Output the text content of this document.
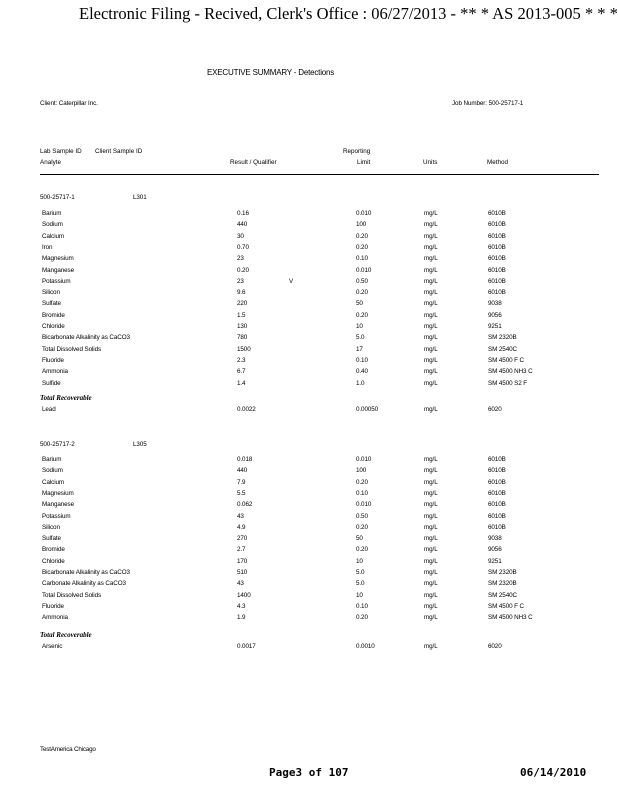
Electronic Filing - Recived, Clerk's Office : 06/27/2013 - ** * AS 2013-005 * * *
EXECUTIVE SUMMARY - Detections
Client: Caterpillar Inc.	Job Number: 500-25717-1
Lab Sample ID Client Sample ID	Reporting
Analyte	Result / Qualifier	Limit	Units	Method
500-25717-1	L301
Barium	0.16	0.010	mg/L	6010B
Sodium	440	100	mg/L	6010B
Calcium	30	0.20	mg/L	6010B
Iron	0.70	0.20	mg/L	6010B
Magnesium	23	0.10	mg/L	6010B
Manganese	0.20	0.010	mg/L	6010B
Potassium	23	V	0.50	mg/L	6010B
Silicon	9.6	0.20	mg/L	6010B
Sulfate	220	50	mg/L	9038
Bromide	1.5	0.20	mg/L	9056
Chloride	130	10	mg/L	9251
Bicarbonate Alkalinity as CaCO3	780	5.0	mg/L	SM 2320B
Total Dissolved Solids	1500	17	mg/L	SM 2540C
Fluoride	2.3	0.10	mg/L	SM 4500 F C
Ammonia	6.7	0.40	mg/L	SM 4500 NH3 C
Sulfide	1.4	1.0	mg/L	SM 4500 S2 F
Total Recoverable
Lead	0.0022	0.00050	mg/L	6020
500-25717-2	L305
Barium	0.018	0.010	mg/L	6010B
Sodium	440	100	mg/L	6010B
Calcium	7.9	0.20	mg/L	6010B
Magnesium	5.5	0.10	mg/L	6010B
Manganese	0.062	0.010	mg/L	6010B
Potassium	43	0.50	mg/L	6010B
Silicon	4.9	0.20	mg/L	6010B
Sulfate	270	50	mg/L	9038
Bromide	2.7	0.20	mg/L	9056
Chloride	170	10	mg/L	9251
Bicarbonate Alkalinity as CaCO3	510	5.0	mg/L	SM 2320B
Carbonate Alkalinity as CaCO3	43	5.0	mg/L	SM 2320B
Total Dissolved Solids	1400	10	mg/L	SM 2540C
Fluoride	4.3	0.10	mg/L	SM 4500 F C
Ammonia	1.9	0.20	mg/L	SM 4500 NH3 C
Total Recoverable
Arsenic	0.0017	0.0010	mg/L	6020
TestAmerica Chicago
Page3 of 107	06/14/2010
